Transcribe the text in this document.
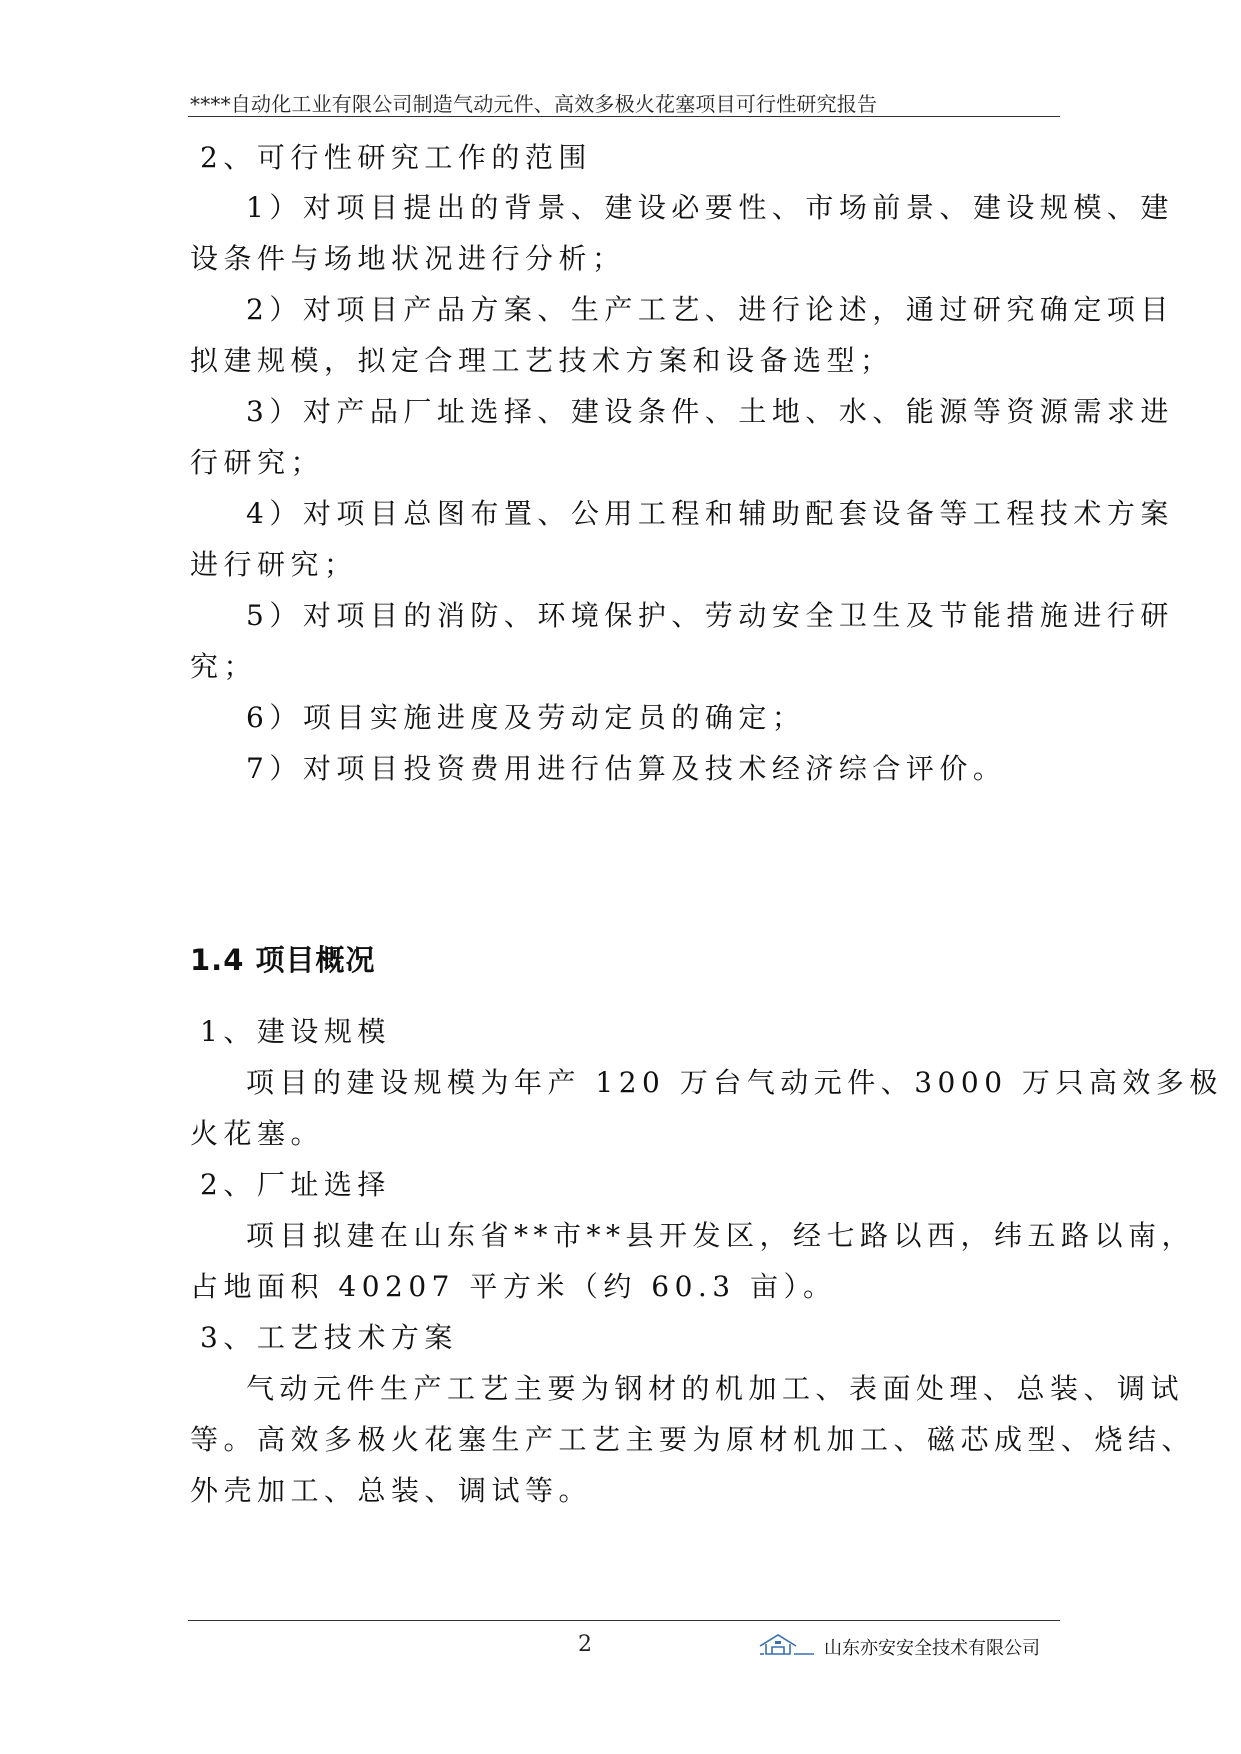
****自动化工业有限公司制造气动元件、高效多极火花塞项目可行性研究报告
2、可行性研究工作的范围
1）对项目提出的背景、建设必要性、市场前景、建设规模、建
设条件与场地状况进行分析；
2）对项目产品方案、生产工艺、进行论述，通过研究确定项目
拟建规模，拟定合理工艺技术方案和设备选型；
3）对产品厂址选择、建设条件、土地、水、能源等资源需求进
行研究；
4）对项目总图布置、公用工程和辅助配套设备等工程技术方案
进行研究；
5）对项目的消防、环境保护、劳动安全卫生及节能措施进行研
究；
6）项目实施进度及劳动定员的确定；
7）对项目投资费用进行估算及技术经济综合评价。
1.4 项目概况
1、建设规模
项目的建设规模为年产 120 万台气动元件、3000 万只高效多极
火花塞。
2、厂址选择
项目拟建在山东省**市**县开发区，经七路以西，纬五路以南，
占地面积 40207 平方米（约 60.3 亩）。
3、工艺技术方案
气动元件生产工艺主要为钢材的机加工、表面处理、总装、调试
等。高效多极火花塞生产工艺主要为原材机加工、磁芯成型、烧结、
外壳加工、总装、调试等。
2	山东亦安安全技术有限公司
